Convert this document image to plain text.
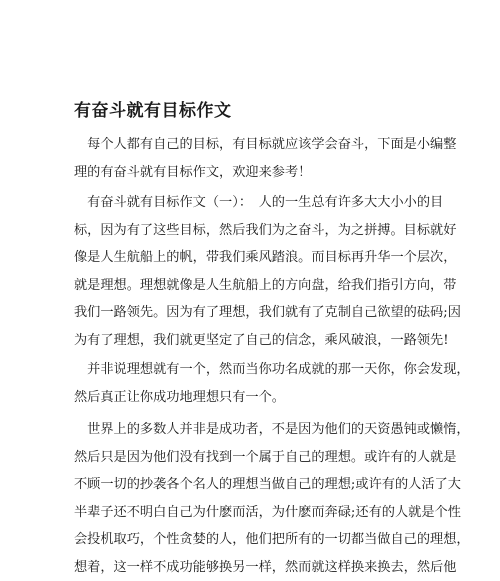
有奋斗就有目标作文

　每个人都有自己的目标，有目标就应该学会奋斗，下面是小编整
理的有奋斗就有目标作文，欢迎来参考！

　有奋斗就有目标作文（一）：　人的一生总有许多大大小小的目
标，因为有了这些目标，然后我们为之奋斗，为之拼搏。目标就好
像是人生航船上的帆，带我们乘风踏浪。而目标再升华一个层次，
就是理想。理想就像是人生航船上的方向盘，给我们指引方向，带
我们一路领先。因为有了理想，我们就有了克制自己欲望的砝码;因
为有了理想，我们就更坚定了自己的信念，乘风破浪，一路领先!

　并非说理想就有一个，然而当你功名成就的那一天你，你会发现，
然后真正让你成功地理想只有一个。

　世界上的多数人并非是成功者，不是因为他们的天资愚钝或懒惰，
然后只是因为他们没有找到一个属于自己的理想。或许有的人就是
不顾一切的抄袭各个名人的理想当做自己的理想;或许有的人活了大
半辈子还不明白自己为什麽而活，为什麽而奔碌;还有的人就是个性
会投机取巧，个性贪婪的人，他们把所有的一切都当做自己的理想，
想着，这一样不成功能够换另一样，然而就这样换来换去，然后他
